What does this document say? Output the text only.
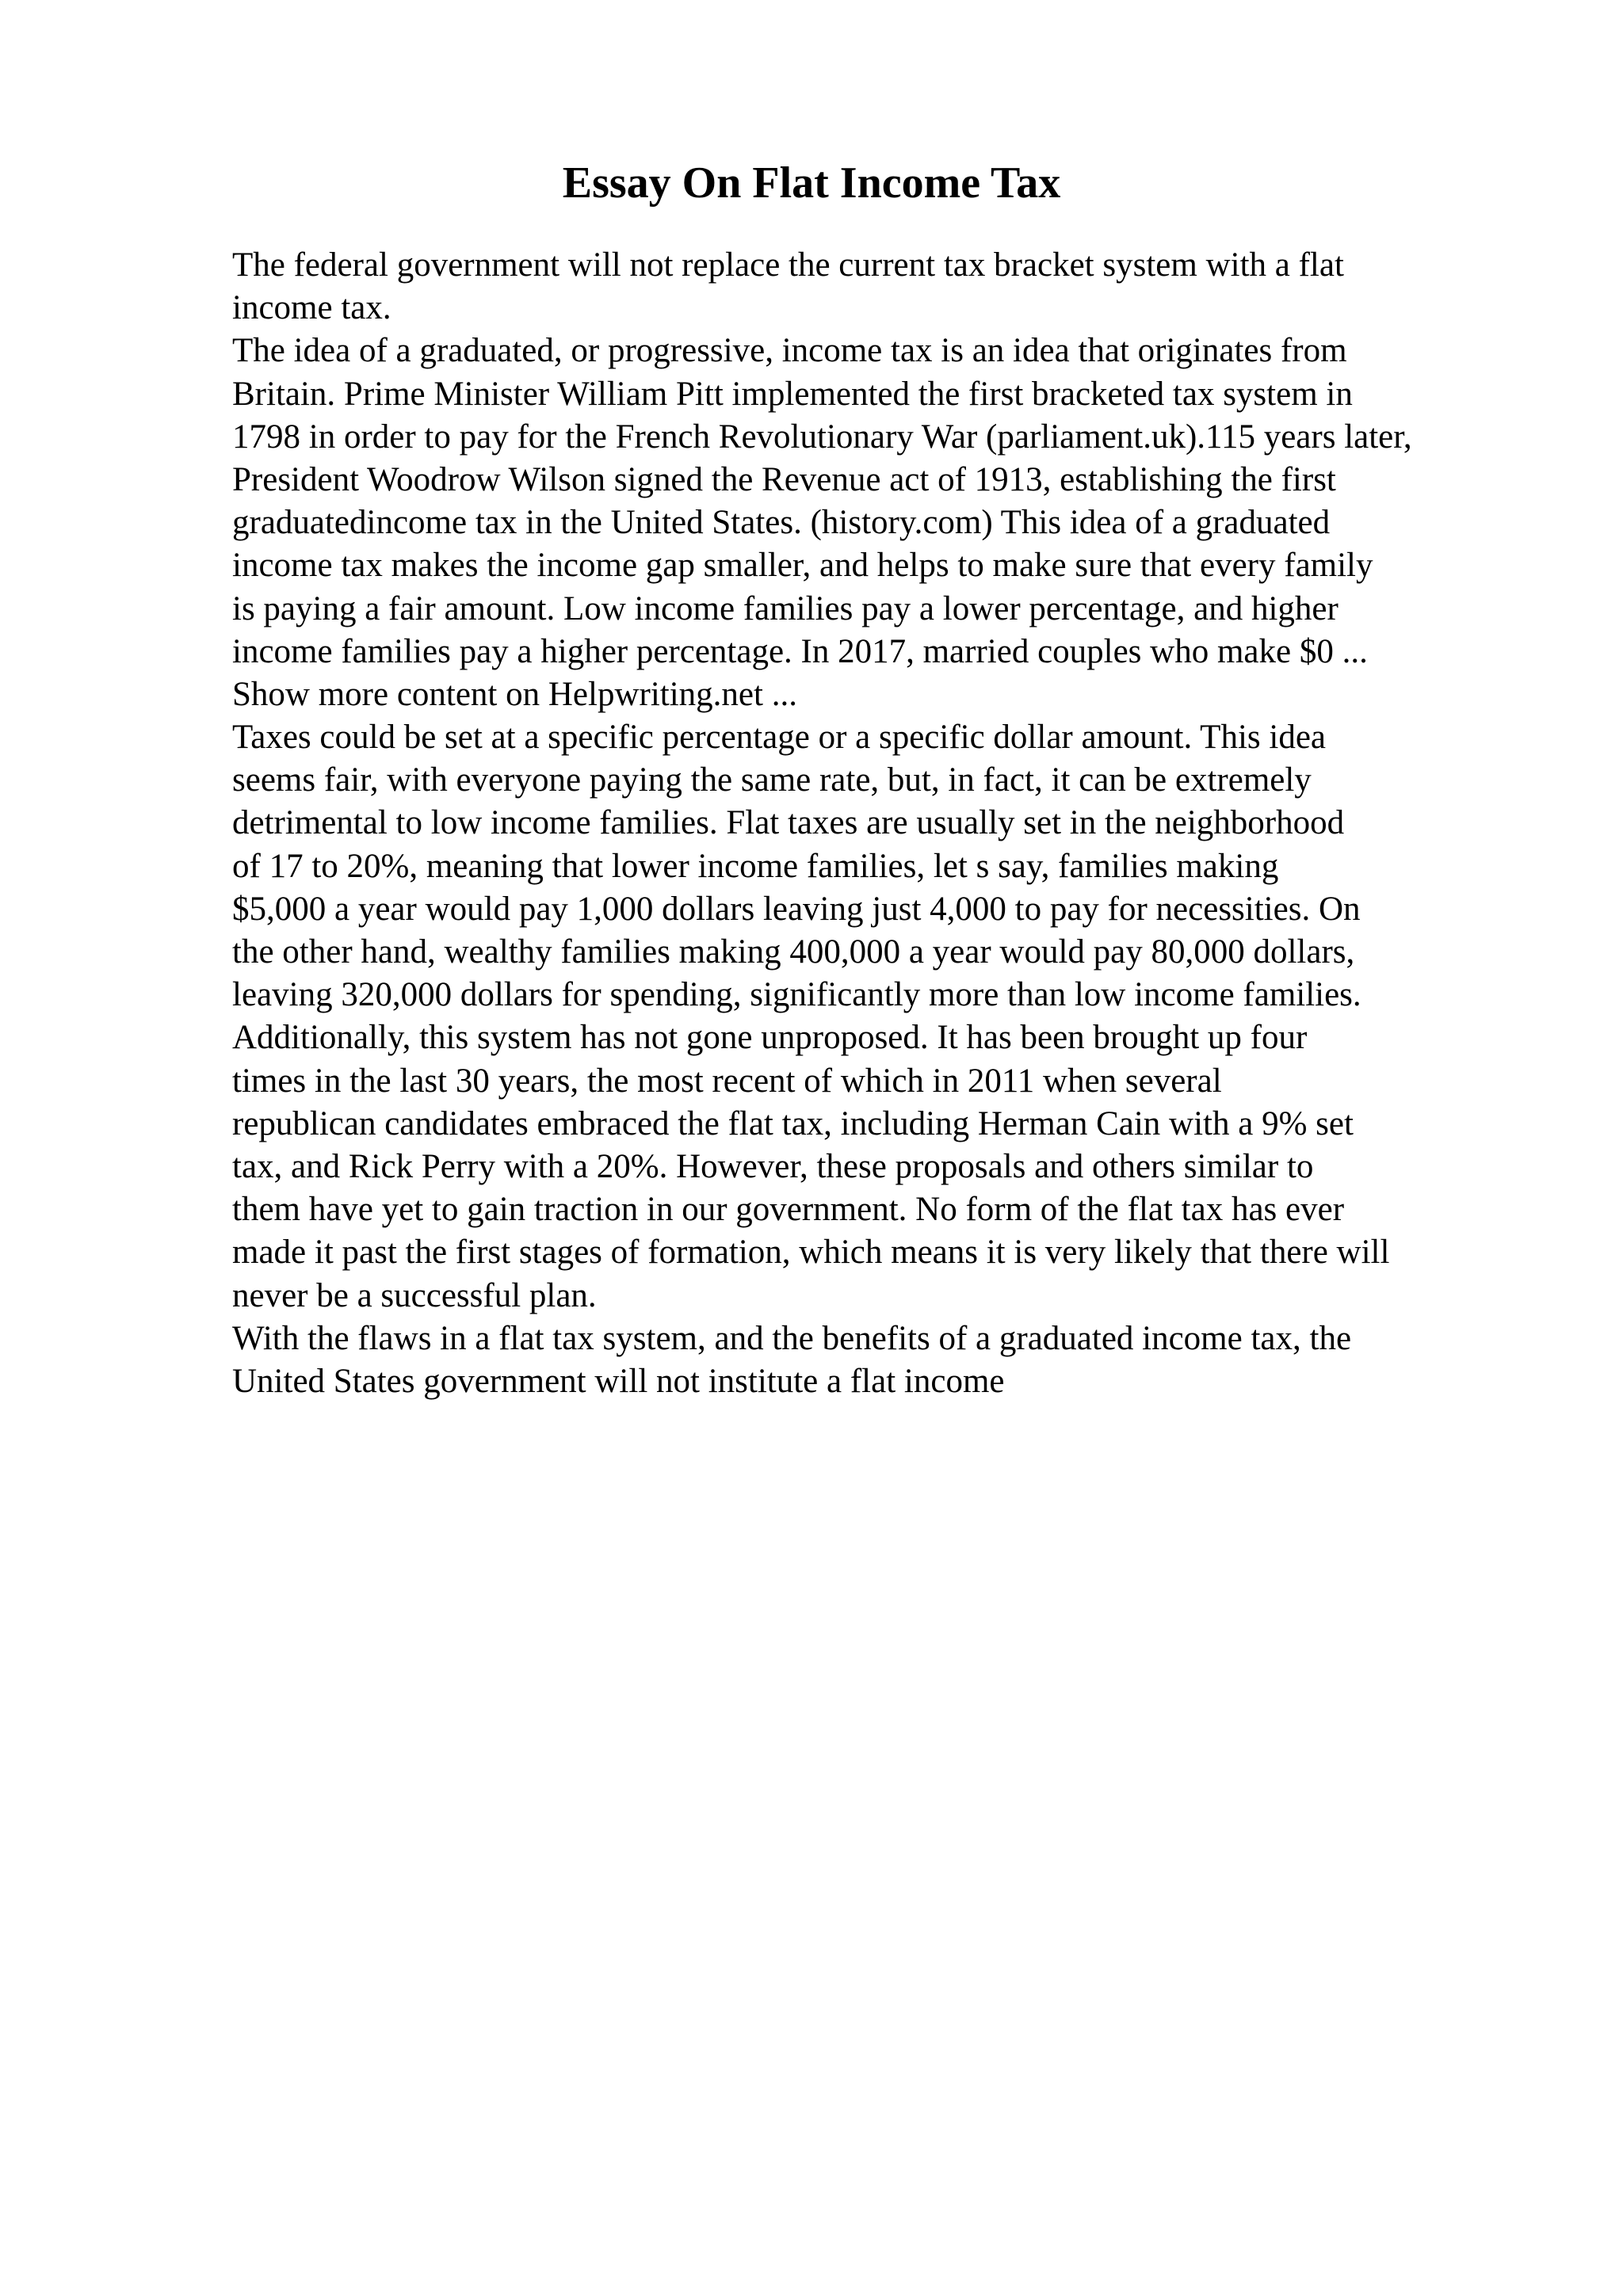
Essay On Flat Income Tax
The federal government will not replace the current tax bracket system with a flat
income tax.
The idea of a graduated, or progressive, income tax is an idea that originates from
Britain. Prime Minister William Pitt implemented the first bracketed tax system in
1798 in order to pay for the French Revolutionary War (parliament.uk).115 years later,
President Woodrow Wilson signed the Revenue act of 1913, establishing the first
graduatedincome tax in the United States. (history.com) This idea of a graduated
income tax makes the income gap smaller, and helps to make sure that every family
is paying a fair amount. Low income families pay a lower percentage, and higher
income families pay a higher percentage. In 2017, married couples who make $0 ...
Show more content on Helpwriting.net ...
Taxes could be set at a specific percentage or a specific dollar amount. This idea
seems fair, with everyone paying the same rate, but, in fact, it can be extremely
detrimental to low income families. Flat taxes are usually set in the neighborhood
of 17 to 20%, meaning that lower income families, let s say, families making
$5,000 a year would pay 1,000 dollars leaving just 4,000 to pay for necessities. On
the other hand, wealthy families making 400,000 a year would pay 80,000 dollars,
leaving 320,000 dollars for spending, significantly more than low income families.
Additionally, this system has not gone unproposed. It has been brought up four
times in the last 30 years, the most recent of which in 2011 when several
republican candidates embraced the flat tax, including Herman Cain with a 9% set
tax, and Rick Perry with a 20%. However, these proposals and others similar to
them have yet to gain traction in our government. No form of the flat tax has ever
made it past the first stages of formation, which means it is very likely that there will
never be a successful plan.
With the flaws in a flat tax system, and the benefits of a graduated income tax, the
United States government will not institute a flat income
